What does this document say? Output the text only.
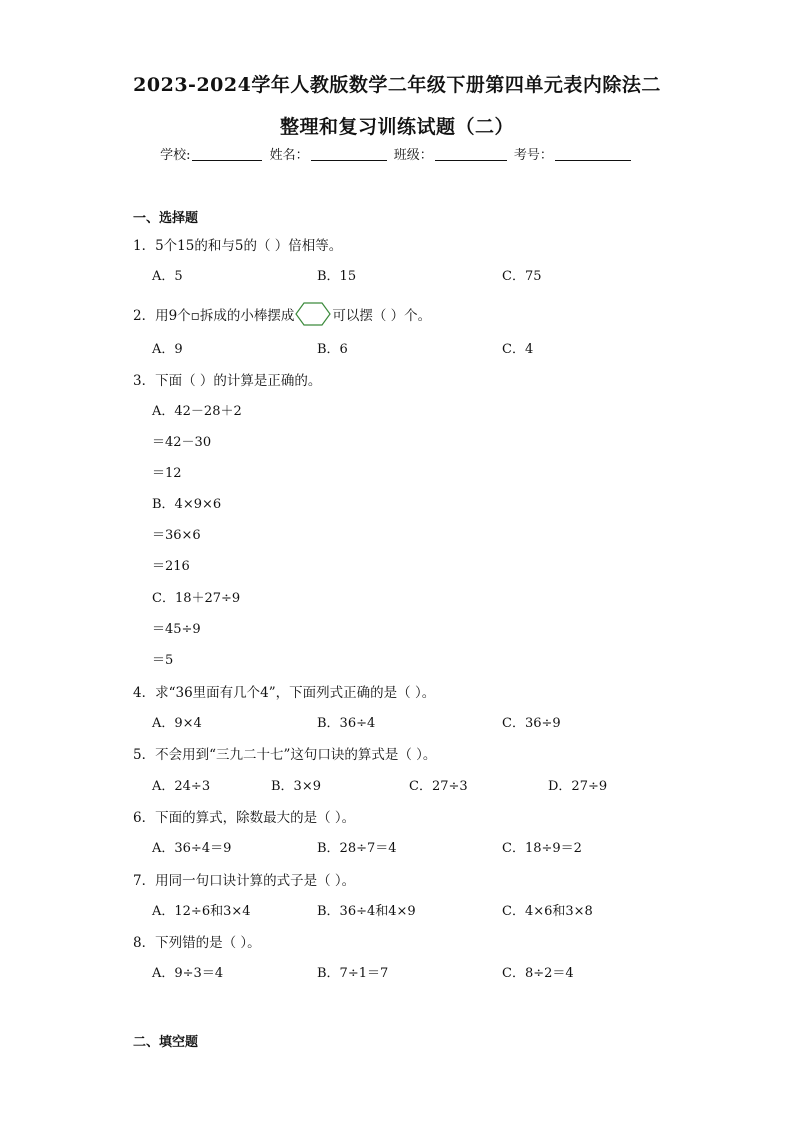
2023-2024学年人教版数学二年级下册第四单元表内除法二
整理和复习训练试题（二）
学校:	姓名：	班级：	考号：
一、选择题
1．5个15的和与5的（ ）倍相等。
A．5	B．15	C．75
2．用9个▫拆成的小棒摆成	可以摆（ ）个。
A．9	B．6	C．4
3．下面（ ）的计算是正确的。
A．42－28＋2
＝42－30
＝12
B．4×9×6
＝36×6
＝216
C．18＋27÷9
＝45÷9
＝5
4．求“36里面有几个4”，下面列式正确的是（ ）。
A．9×4	B．36÷4	C．36÷9
5．不会用到“三九二十七”这句口诀的算式是（ ）。
A．24÷3	B．3×9	C．27÷3	D．27÷9
6．下面的算式，除数最大的是（ ）。
A．36÷4＝9	B．28÷7＝4	C．18÷9＝2
7．用同一句口诀计算的式子是（ ）。
A．12÷6和3×4	B．36÷4和4×9	C．4×6和3×8
8．下列错的是（ ）。
A．9÷3＝4	B．7÷1＝7	C．8÷2＝4
二、填空题
